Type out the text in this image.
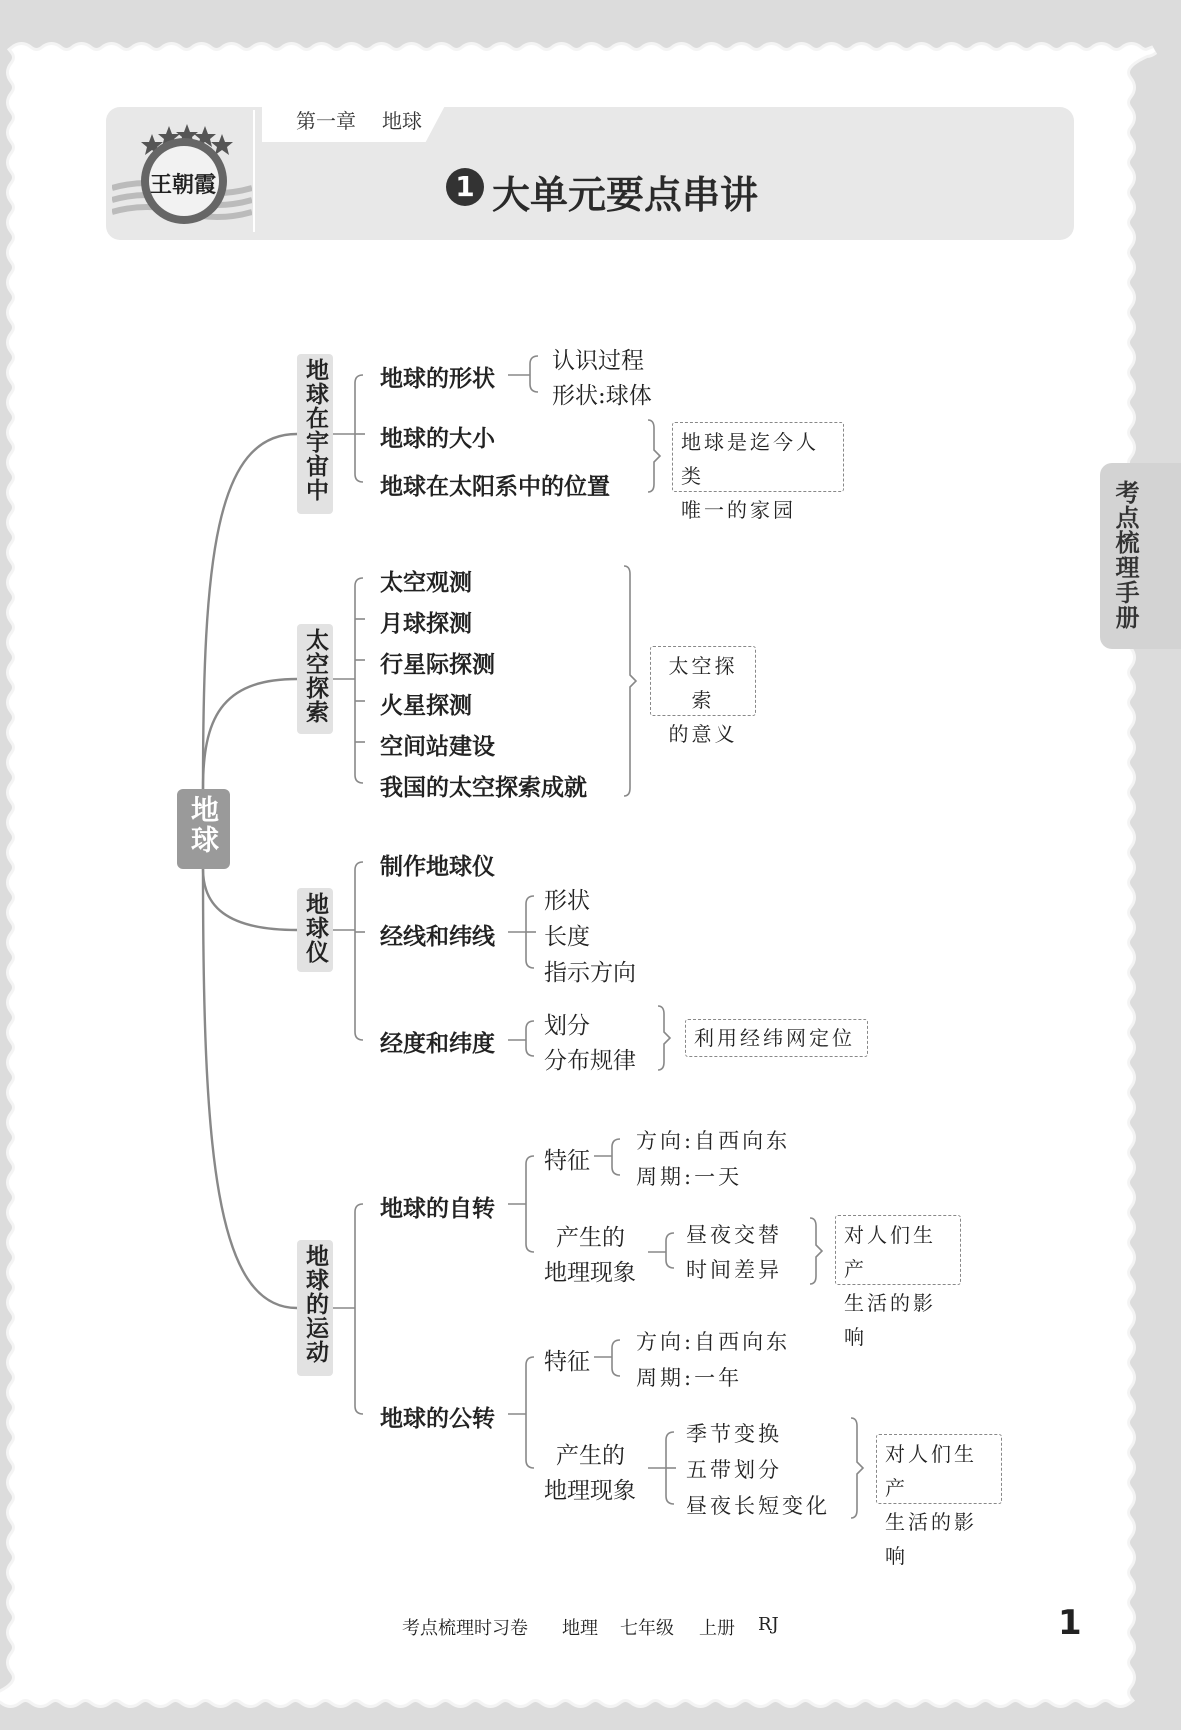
王朝霞
第一章 地球
1 大单元要点串讲
考点梳理手册
地球
地球在宇宙中 地球的形状
认识过程
形状:球体
地球的大小
地球在太阳系中的位置
地球是迄今人类
唯一的家园
太空探索
太空观测
月球探测
行星际探测
火星探测
空间站建设
我国的太空探索成就
太空探索
的意义
地球仪
制作地球仪
经线和纬线
形状
长度
指示方向
经度和纬度
划分
分布规律
利用经纬网定位
地球的运动
地球的自转
特征
方向:自西向东
周期:一天
产生的
地理现象
昼夜交替
时间差异
对人们生产
生活的影响
地球的公转
特征
方向:自西向东
周期:一年
产生的
地理现象
季节变换
五带划分
昼夜长短变化
对人们生产
生活的影响
考点梳理时习卷 地理 七年级 上册 RJ	1
